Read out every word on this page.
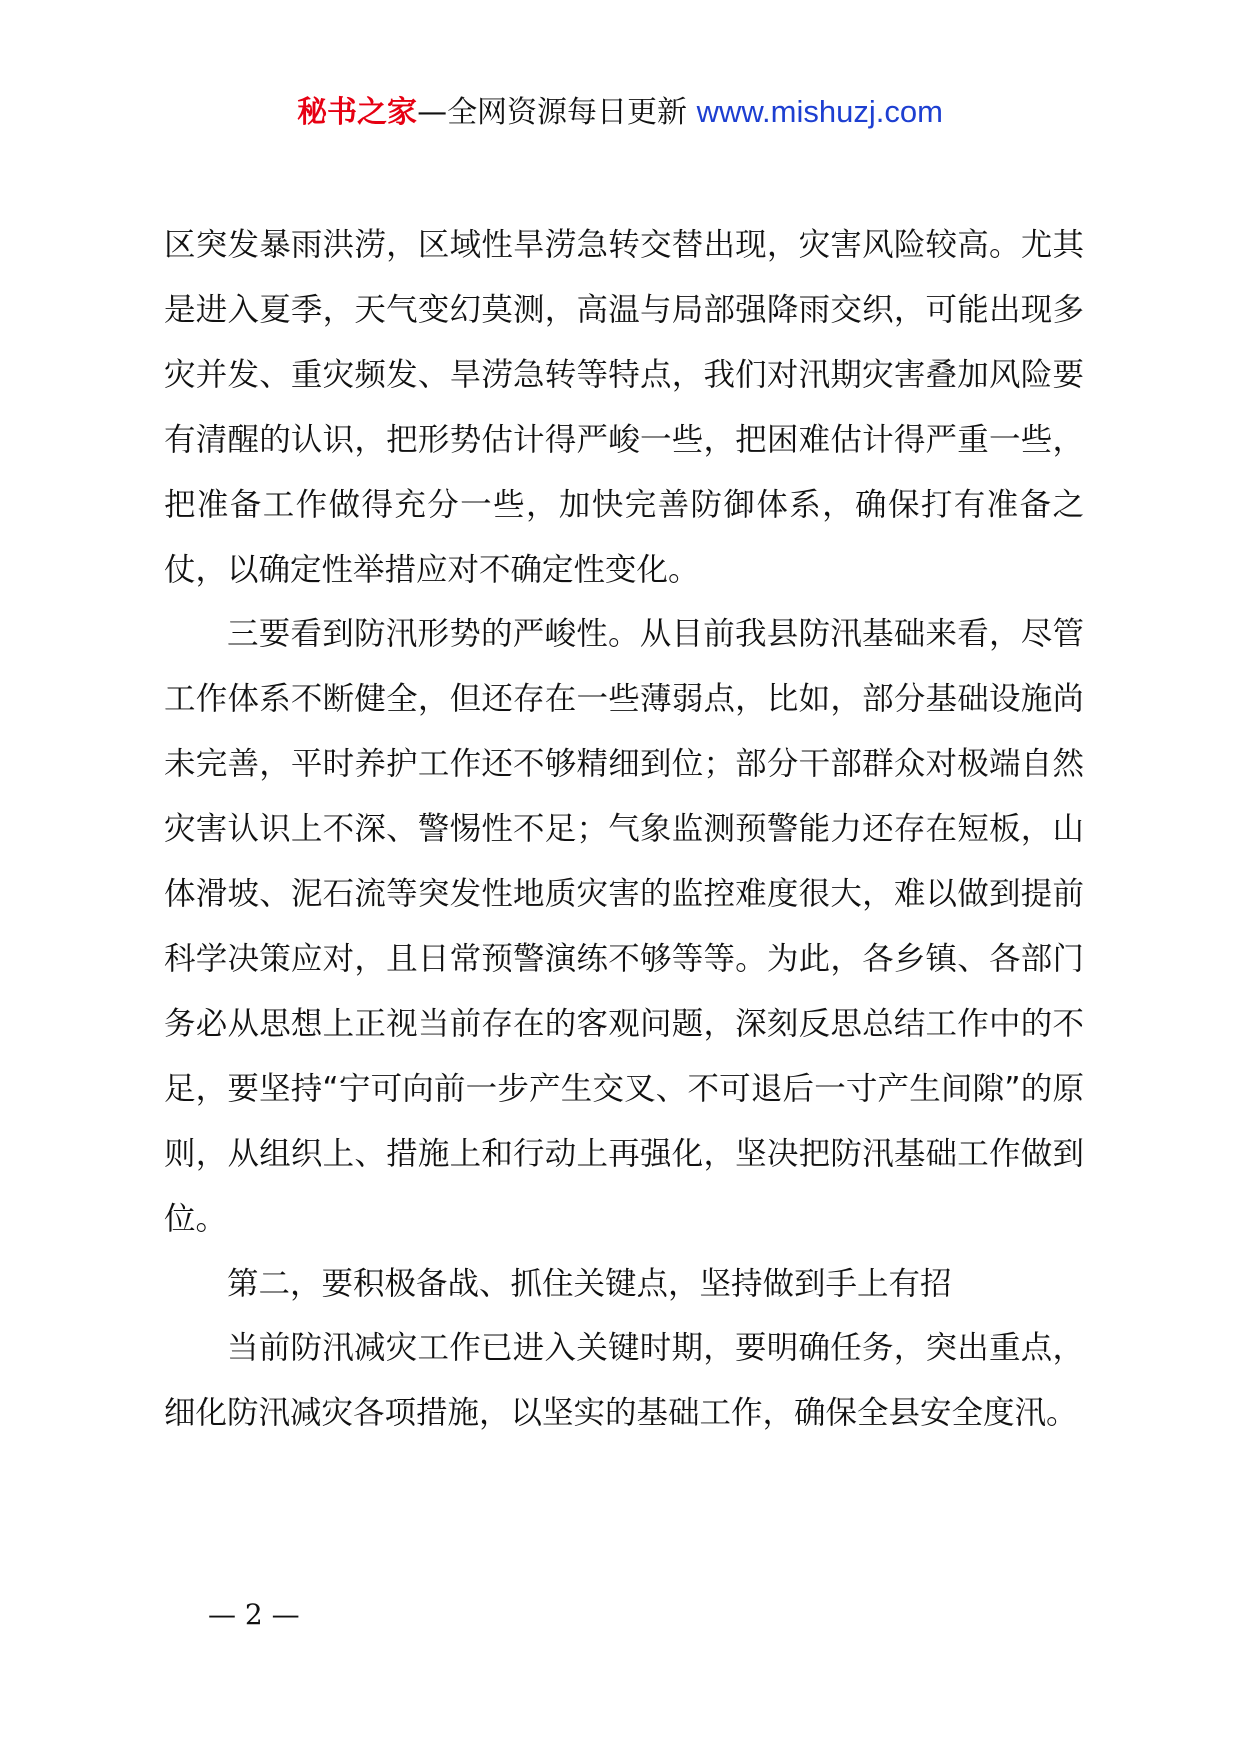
秘书之家—全网资源每日更新 www.mishuzj.com

区突发暴雨洪涝，区域性旱涝急转交替出现，灾害风险较高。尤其是进入夏季，天气变幻莫测，高温与局部强降雨交织，可能出现多灾并发、重灾频发、旱涝急转等特点，我们对汛期灾害叠加风险要有清醒的认识，把形势估计得严峻一些，把困难估计得严重一些，把准备工作做得充分一些，加快完善防御体系，确保打有准备之仗，以确定性举措应对不确定性变化。

三要看到防汛形势的严峻性。从目前我县防汛基础来看，尽管工作体系不断健全，但还存在一些薄弱点，比如，部分基础设施尚未完善，平时养护工作还不够精细到位；部分干部群众对极端自然灾害认识上不深、警惕性不足；气象监测预警能力还存在短板，山体滑坡、泥石流等突发性地质灾害的监控难度很大，难以做到提前科学决策应对，且日常预警演练不够等等。为此，各乡镇、各部门务必从思想上正视当前存在的客观问题，深刻反思总结工作中的不足，要坚持“宁可向前一步产生交叉、不可退后一寸产生间隙”的原则，从组织上、措施上和行动上再强化，坚决把防汛基础工作做到位。

第二，要积极备战、抓住关键点，坚持做到手上有招

当前防汛减灾工作已进入关键时期，要明确任务，突出重点，细化防汛减灾各项措施，以坚实的基础工作，确保全县安全度汛。

— 2 —
